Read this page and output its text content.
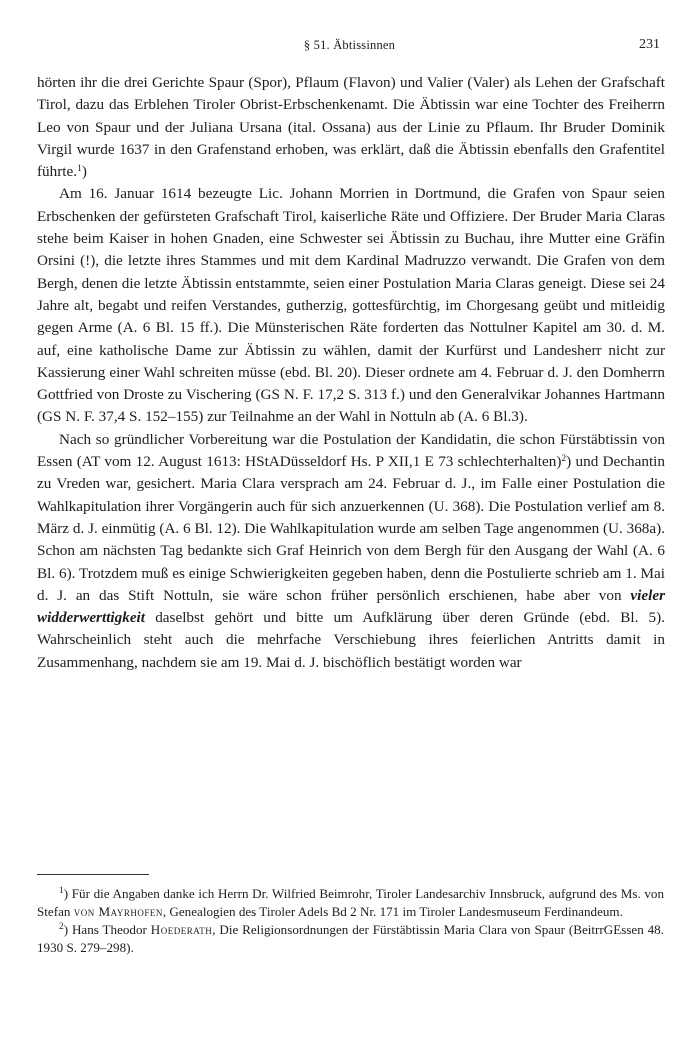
§ 51. Äbtissinnen	231

hörten ihr die drei Gerichte Spaur (Spor), Pflaum (Flavon) und Valier (Valer) als Lehen der Grafschaft Tirol, dazu das Erblehen Tiroler Obrist-Erbschenkenamt. Die Äbtissin war eine Tochter des Freiherrn Leo von Spaur und der Juliana Ursana (ital. Ossana) aus der Linie zu Pflaum. Ihr Bruder Dominik Virgil wurde 1637 in den Grafenstand erhoben, was erklärt, daß die Äbtissin ebenfalls den Grafentitel führte.$^1$)

Am 16. Januar 1614 bezeugte Lic. Johann Morrien in Dortmund, die Grafen von Spaur seien Erbschenken der gefürsteten Grafschaft Tirol, kaiserliche Räte und Offiziere. Der Bruder Maria Claras stehe beim Kaiser in hohen Gnaden, eine Schwester sei Äbtissin zu Buchau, ihre Mutter eine Gräfin Orsini (!), die letzte ihres Stammes und mit dem Kardinal Madruzzo verwandt. Die Grafen von dem Bergh, denen die letzte Äbtissin entstammte, seien einer Postulation Maria Claras geneigt. Diese sei 24 Jahre alt, begabt und reifen Verstandes, gutherzig, gottesfürchtig, im Chorgesang geübt und mitleidig gegen Arme (A. 6 Bl. 15 ff.). Die Münsterischen Räte forderten das Nottulner Kapitel am 30. d. M. auf, eine katholische Dame zur Äbtissin zu wählen, damit der Kurfürst und Landesherr nicht zur Kassierung einer Wahl schreiten müsse (ebd. Bl. 20). Dieser ordnete am 4. Februar d. J. den Domherrn Gottfried von Droste zu Vischering (GS N. F. 17,2 S. 313 f.) und den Generalvikar Johannes Hartmann (GS N. F. 37,4 S. 152–155) zur Teilnahme an der Wahl in Nottuln ab (A. 6 Bl.3).

Nach so gründlicher Vorbereitung war die Postulation der Kandidatin, die schon Fürstäbtissin von Essen (AT vom 12. August 1613: HStADüsseldorf Hs. P XII,1 E 73 schlechterhalten)$^2$) und Dechantin zu Vreden war, gesichert. Maria Clara versprach am 24. Februar d. J., im Falle einer Postulation die Wahlkapitulation ihrer Vorgängerin auch für sich anzuerkennen (U. 368). Die Postulation verlief am 8. März d. J. einmütig (A. 6 Bl. 12). Die Wahlkapitulation wurde am selben Tage angenommen (U. 368a). Schon am nächsten Tag bedankte sich Graf Heinrich von dem Bergh für den Ausgang der Wahl (A. 6 Bl. 6). Trotzdem muß es einige Schwierigkeiten gegeben haben, denn die Postulierte schrieb am 1. Mai d. J. an das Stift Nottuln, sie wäre schon früher persönlich erschienen, habe aber von vieler widderwerttigkeit daselbst gehört und bitte um Aufklärung über deren Gründe (ebd. Bl. 5). Wahrscheinlich steht auch die mehrfache Verschiebung ihres feierlichen Antritts damit in Zusammenhang, nachdem sie am 19. Mai d. J. bischöflich bestätigt worden war

$^1$) Für die Angaben danke ich Herrn Dr. Wilfried Beimrohr, Tiroler Landesarchiv Innsbruck, aufgrund des Ms. von Stefan von Mayrhofen, Genealogien des Tiroler Adels Bd 2 Nr. 171 im Tiroler Landesmuseum Ferdinandeum.

$^2$) Hans Theodor Hoederath, Die Religionsordnungen der Fürstäbtissin Maria Clara von Spaur (BeitrrGEssen 48. 1930 S. 279–298).
